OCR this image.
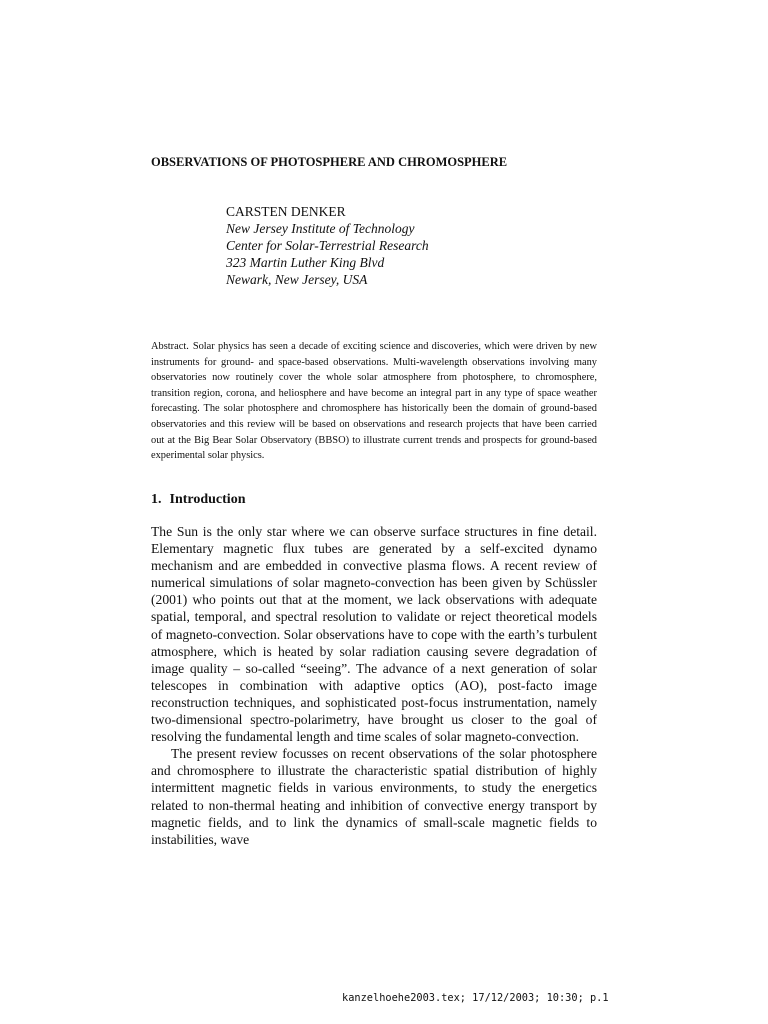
OBSERVATIONS OF PHOTOSPHERE AND CHROMOSPHERE

CARSTEN DENKER

New Jersey Institute of Technology

Center for Solar-Terrestrial Research

323 Martin Luther King Blvd

Newark, New Jersey, USA

Abstract. Solar physics has seen a decade of exciting science and discoveries, which were driven by new instruments for ground- and space-based observations. Multi-wavelength observations involving many observatories now routinely cover the whole solar atmosphere from photosphere, to chromosphere, transition region, corona, and heliosphere and have become an integral part in any type of space weather forecasting. The solar photosphere and chromosphere has historically been the domain of ground-based observatories and this review will be based on observations and research projects that have been carried out at the Big Bear Solar Observatory (BBSO) to illustrate current trends and prospects for ground-based experimental solar physics.

1. Introduction

The Sun is the only star where we can observe surface structures in fine detail. Elementary magnetic flux tubes are generated by a self-excited dynamo mechanism and are embedded in convective plasma flows. A recent review of numerical simulations of solar magneto-convection has been given by Schüssler (2001) who points out that at the moment, we lack observations with adequate spatial, temporal, and spectral resolution to validate or reject theoretical models of magneto-convection. Solar observations have to cope with the earth’s turbulent atmosphere, which is heated by solar radiation causing severe degradation of image quality – so-called “seeing”. The advance of a next generation of solar telescopes in combination with adaptive optics (AO), post-facto image reconstruction techniques, and sophisticated post-focus instrumentation, namely two-dimensional spectro-polarimetry, have brought us closer to the goal of resolving the fundamental length and time scales of solar magneto-convection.

The present review focusses on recent observations of the solar photosphere and chromosphere to illustrate the characteristic spatial distribution of highly intermittent magnetic fields in various environments, to study the energetics related to non-thermal heating and inhibition of convective energy transport by magnetic fields, and to link the dynamics of small-scale magnetic fields to instabilities, wave

kanzelhoehe2003.tex; 17/12/2003; 10:30; p.1
